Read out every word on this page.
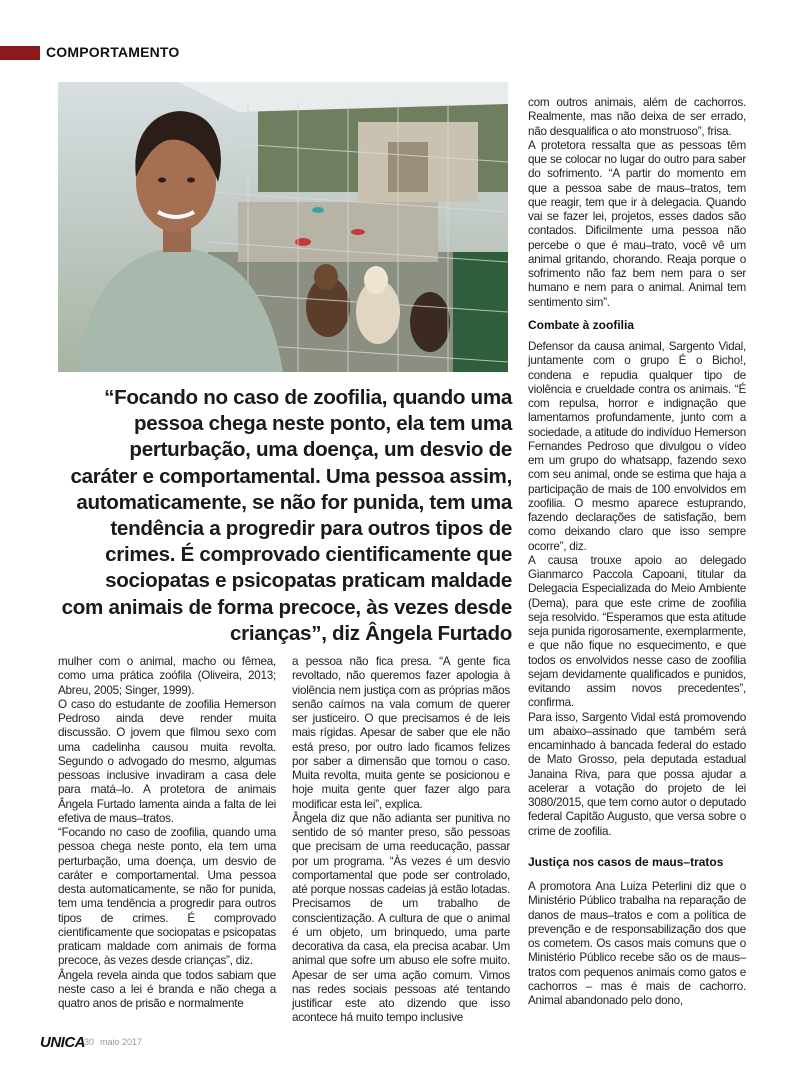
COMPORTAMENTO
“Focando no caso de zoofilia, quando uma pessoa chega neste ponto, ela tem uma perturbação, uma doença, um desvio de caráter e comportamental. Uma pessoa assim, automaticamente, se não for punida, tem uma tendência a progredir para outros tipos de crimes. É comprovado cientificamente que sociopatas e psicopatas praticam maldade com animais de forma precoce, às vezes desde crianças”, diz Ângela Furtado

mulher com o animal, macho ou fêmea, como uma prática zoófila (Oliveira, 2013; Abreu, 2005; Singer, 1999).

O caso do estudante de zoofilia Hemerson Pedroso ainda deve render muita discussão. O jovem que filmou sexo com uma cadelinha causou muita revolta. Segundo o advogado do mesmo, algumas pessoas inclusive invadiram a casa dele para matá–lo. A protetora de animais Ângela Furtado lamenta ainda a falta de lei efetiva de maus–tratos.

“Focando no caso de zoofilia, quando uma pessoa chega neste ponto, ela tem uma perturbação, uma doença, um desvio de caráter e comportamental. Uma pessoa desta automaticamente, se não for punida, tem uma tendência a progredir para outros tipos de crimes. É comprovado cientificamente que sociopatas e psicopatas praticam maldade com animais de forma precoce, às vezes desde crianças”, diz.

Ângela revela ainda que todos sabiam que neste caso a lei é branda e não chega a quatro anos de prisão e normalmente

a pessoa não fica presa. “A gente fica revoltado, não queremos fazer apologia à violência nem justiça com as próprias mãos senão caímos na vala comum de querer ser justiceiro. O que precisamos é de leis mais rígidas. Apesar de saber que ele não está preso, por outro lado ficamos felizes por saber a dimensão que tomou o caso. Muita revolta, muita gente se posicionou e hoje muita gente quer fazer algo para modificar esta lei”, explica.

Ângela diz que não adianta ser punitiva no sentido de só manter preso, são pessoas que precisam de uma reeducação, passar por um programa. “Às vezes é um desvio comportamental que pode ser controlado, até porque nossas cadeias já estão lotadas. Precisamos de um trabalho de conscientização. A cultura de que o animal é um objeto, um brinquedo, uma parte decorativa da casa, ela precisa acabar. Um animal que sofre um abuso ele sofre muito. Apesar de ser uma ação comum. Vimos nas redes sociais pessoas até tentando justificar este ato dizendo que isso acontece há muito tempo inclusive

com outros animais, além de cachorros. Realmente, mas não deixa de ser errado, não desqualifica o ato monstruoso”, frisa.

A protetora ressalta que as pessoas têm que se colocar no lugar do outro para saber do sofrimento. “A partir do momento em que a pessoa sabe de maus–tratos, tem que reagir, tem que ir à delegacia. Quando vai se fazer lei, projetos, esses dados são contados. Dificilmente uma pessoa não percebe o que é mau–trato, você vê um animal gritando, chorando. Reaja porque o sofrimento não faz bem nem para o ser humano e nem para o animal. Animal tem sentimento sim”.

Combate à zoofilia

Defensor da causa animal, Sargento Vidal, juntamente com o grupo É o Bicho!, condena e repudia qualquer tipo de violência e crueldade contra os animais. “É com repulsa, horror e indignação que lamentamos profundamente, junto com a sociedade, a atitude do indivíduo Hemerson Fernandes Pedroso que divulgou o vídeo em um grupo do whatsapp, fazendo sexo com seu animal, onde se estima que haja a participação de mais de 100 envolvidos em zoofilia. O mesmo aparece estuprando, fazendo declarações de satisfação, bem como deixando claro que isso sempre ocorre”, diz.

A causa trouxe apoio ao delegado Gianmarco Paccola Capoani, titular da Delegacia Especializada do Meio Ambiente (Dema), para que este crime de zoofilia seja resolvido. “Esperamos que esta atitude seja punida rigorosamente, exemplarmente, e que não fique no esquecimento, e que todos os envolvidos nesse caso de zoofilia sejam devidamente qualificados e punidos, evitando assim novos precedentes”, confirma.

Para isso, Sargento Vidal está promovendo um abaixo–assinado que também será encaminhado à bancada federal do estado de Mato Grosso, pela deputada estadual Janaina Riva, para que possa ajudar a acelerar a votação do projeto de lei 3080/2015, que tem como autor o deputado federal Capitão Augusto, que versa sobre o crime de zoofilia.

Justiça nos casos de maus–tratos

A promotora Ana Luiza Peterlini diz que o Ministério Público trabalha na reparação de danos de maus–tratos e com a política de prevenção e de responsabilização dos que os cometem. Os casos mais comuns que o Ministério Público recebe são os de maus–tratos com pequenos animais como gatos e cachorros – mas é mais de cachorro. Animal abandonado pelo dono,

UNICA 30 maio 2017
